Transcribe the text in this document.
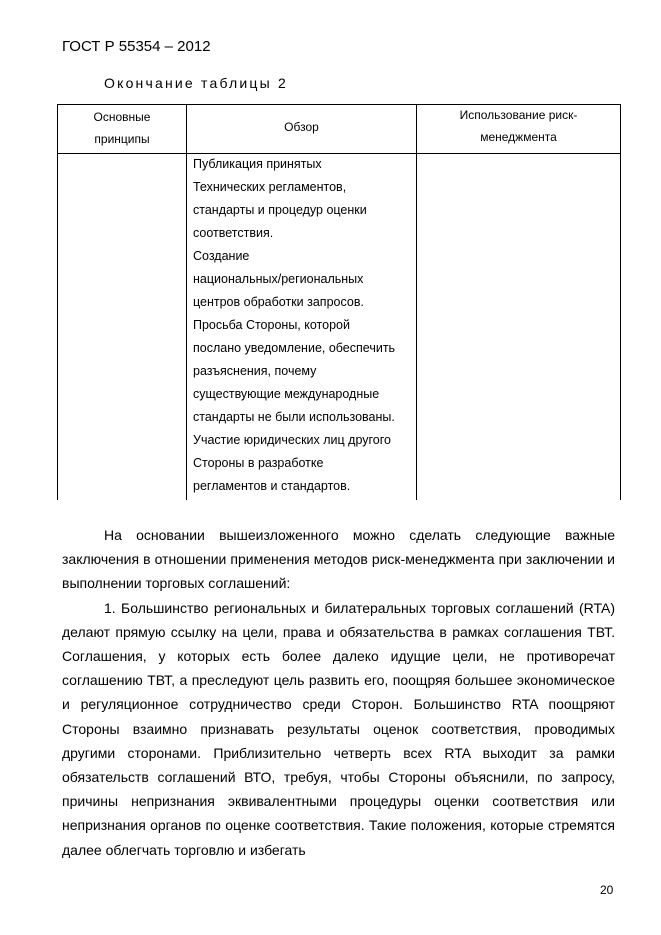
ГОСТ Р 55354 – 2012
Окончание таблицы 2
Основные
принципы
Обзор
Использование риск-
менеджмента
Публикация принятых
Технических регламентов,
стандарты и процедур оценки
соответствия.
Создание
национальных/региональных
центров обработки запросов.
Просьба Стороны, которой
послано уведомление, обеспечить
разъяснения, почему
существующие международные
стандарты не были использованы.
Участие юридических лиц другого
Стороны в разработке
регламентов и стандартов.

На основании вышеизложенного можно сделать следующие важные заключения в отношении применения методов риск-менеджмента при заключении и выполнении торговых соглашений:

1. Большинство региональных и билатеральных торговых соглашений (RTA) делают прямую ссылку на цели, права и обязательства в рамках соглашения ТВТ. Соглашения, у которых есть более далеко идущие цели, не противоречат соглашению ТВТ, а преследуют цель развить его, поощряя большее экономическое и регуляционное сотрудничество среди Сторон. Большинство RTA поощряют Стороны взаимно признавать результаты оценок соответствия, проводимых другими сторонами. Приблизительно четверть всех RTA выходит за рамки обязательств соглашений ВТО, требуя, чтобы Стороны объяснили, по запросу, причины непризнания эквивалентными процедуры оценки соответствия или непризнания органов по оценке соответствия. Такие положения, которые стремятся далее облегчать торговлю и избегать

20
